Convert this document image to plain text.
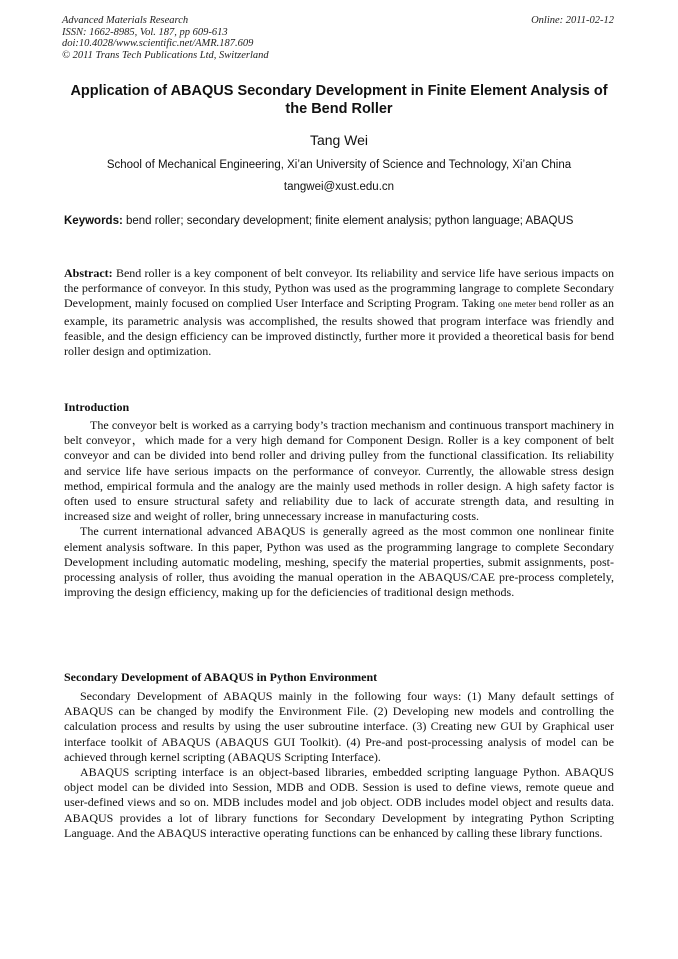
Advanced Materials Research
ISSN: 1662-8985, Vol. 187, pp 609-613
doi:10.4028/www.scientific.net/AMR.187.609
© 2011 Trans Tech Publications Ltd, Switzerland
Online: 2011-02-12
Application of ABAQUS Secondary Development in Finite Element Analysis of the Bend Roller
Tang Wei
School of Mechanical Engineering, Xi’an University of Science and Technology, Xi’an China
tangwei@xust.edu.cn
Keywords: bend roller; secondary development; finite element analysis; python language; ABAQUS
Abstract: Bend roller is a key component of belt conveyor. Its reliability and service life have serious impacts on the performance of conveyor. In this study, Python was used as the programming langrage to complete Secondary Development, mainly focused on complied User Interface and Scripting Program. Taking one meter bend roller as an example, its parametric analysis was accomplished, the results showed that program interface was friendly and feasible, and the design efficiency can be improved distinctly, further more it provided a theoretical basis for bend roller design and optimization.
Introduction

The conveyor belt is worked as a carrying body’s traction mechanism and continuous transport machinery in belt conveyor，which made for a very high demand for Component Design. Roller is a key component of belt conveyor and can be divided into bend roller and driving pulley from the functional classification. Its reliability and service life have serious impacts on the performance of conveyor. Currently, the allowable stress design method, empirical formula and the analogy are the mainly used methods in roller design. A high safety factor is often used to ensure structural safety and reliability due to lack of accurate strength data, and resulting in increased size and weight of roller, bring unnecessary increase in manufacturing costs.

The current international advanced ABAQUS is generally agreed as the most common one nonlinear finite element analysis software. In this paper, Python was used as the programming langrage to complete Secondary Development including automatic modeling, meshing, specify the material properties, submit assignments, post-processing analysis of roller, thus avoiding the manual operation in the ABAQUS/CAE pre-process completely, improving the design efficiency, making up for the deficiencies of traditional design methods.

Secondary Development of ABAQUS in Python Environment

Secondary Development of ABAQUS mainly in the following four ways: (1) Many default settings of ABAQUS can be changed by modify the Environment File. (2) Developing new models and controlling the calculation process and results by using the user subroutine interface. (3) Creating new GUI by Graphical user interface toolkit of ABAQUS (ABAQUS GUI Toolkit). (4) Pre-and post-processing analysis of model can be achieved through kernel scripting (ABAQUS Scripting Interface).

ABAQUS scripting interface is an object-based libraries, embedded scripting language Python. ABAQUS object model can be divided into Session, MDB and ODB. Session is used to define views, remote queue and user-defined views and so on. MDB includes model and job object. ODB includes model object and results data. ABAQUS provides a lot of library functions for Secondary Development by integrating Python Scripting Language. And the ABAQUS interactive operating functions can be enhanced by calling these library functions.
